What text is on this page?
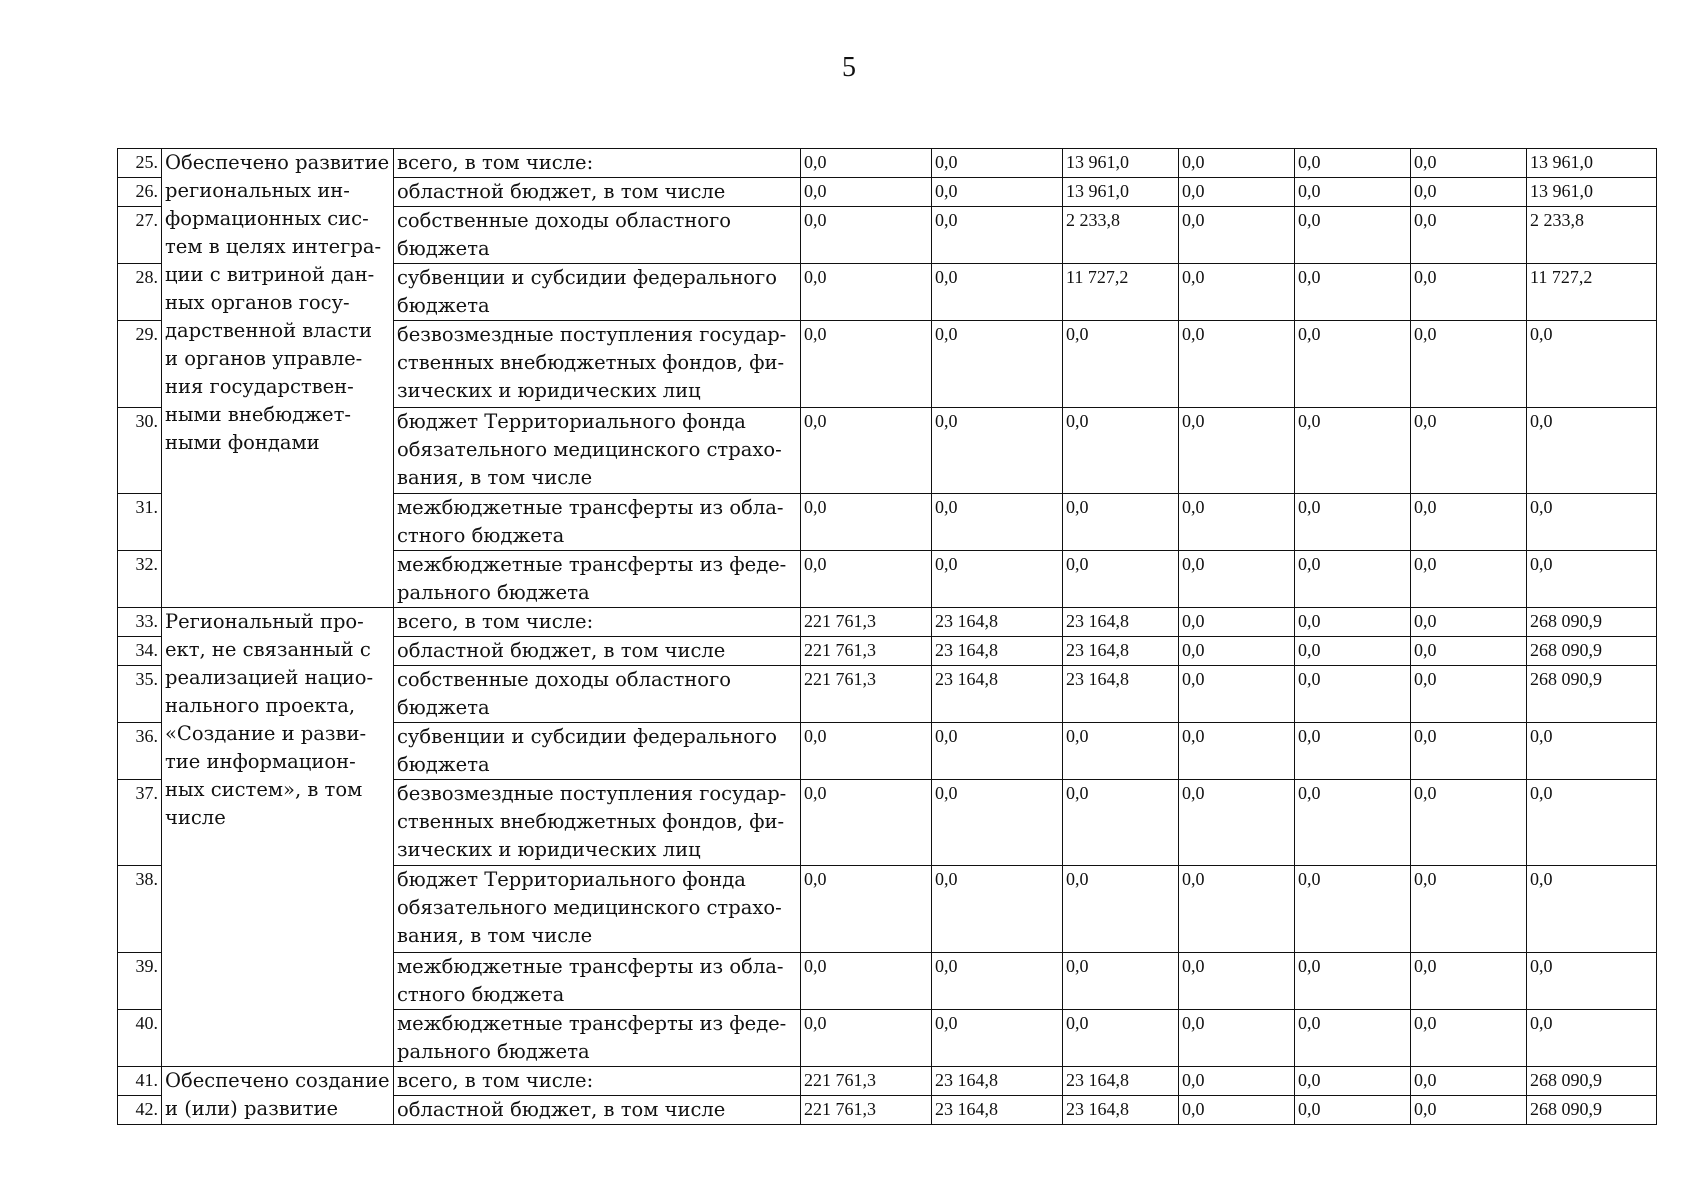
5
25.	Обеспечено развитие региональных ин-формационных сис-тем в целях интегра-ции с витриной дан-ных органов госу-дарственной власти и органов управле-ния государствен-ными внебюджет-ными фондами	всего, в том числе:	0,0	0,0	13 961,0	0,0	0,0	0,0	13 961,0
26.		областной бюджет, в том числе	0,0	0,0	13 961,0	0,0	0,0	0,0	13 961,0
27.		собственные доходы областного бюджета	0,0	0,0	2 233,8	0,0	0,0	0,0	2 233,8
28.		субвенции и субсидии федерального бюджета	0,0	0,0	11 727,2	0,0	0,0	0,0	11 727,2
29.		безвозмездные поступления государ-ственных внебюджетных фондов, фи-зических и юридических лиц	0,0	0,0	0,0	0,0	0,0	0,0	0,0
30.		бюджет Территориального фонда обязательного медицинского страхо-вания, в том числе	0,0	0,0	0,0	0,0	0,0	0,0	0,0
31.		межбюджетные трансферты из обла-стного бюджета	0,0	0,0	0,0	0,0	0,0	0,0	0,0
32.		межбюджетные трансферты из феде-рального бюджета	0,0	0,0	0,0	0,0	0,0	0,0	0,0
33.	Региональный про-ект, не связанный с реализацией нацио-нального проекта, «Создание и разви-тие информацион-ных систем», в том числе	всего, в том числе:	221 761,3	23 164,8	23 164,8	0,0	0,0	0,0	268 090,9
34.		областной бюджет, в том числе	221 761,3	23 164,8	23 164,8	0,0	0,0	0,0	268 090,9
35.		собственные доходы областного бюджета	221 761,3	23 164,8	23 164,8	0,0	0,0	0,0	268 090,9
36.		субвенции и субсидии федерального бюджета	0,0	0,0	0,0	0,0	0,0	0,0	0,0
37.		безвозмездные поступления государ-ственных внебюджетных фондов, фи-зических и юридических лиц	0,0	0,0	0,0	0,0	0,0	0,0	0,0
38.		бюджет Территориального фонда обязательного медицинского страхо-вания, в том числе	0,0	0,0	0,0	0,0	0,0	0,0	0,0
39.		межбюджетные трансферты из обла-стного бюджета	0,0	0,0	0,0	0,0	0,0	0,0	0,0
40.		межбюджетные трансферты из феде-рального бюджета	0,0	0,0	0,0	0,0	0,0	0,0	0,0
41.	Обеспечено создание и (или) развитие	всего, в том числе:	221 761,3	23 164,8	23 164,8	0,0	0,0	0,0	268 090,9
42.		областной бюджет, в том числе	221 761,3	23 164,8	23 164,8	0,0	0,0	0,0	268 090,9
